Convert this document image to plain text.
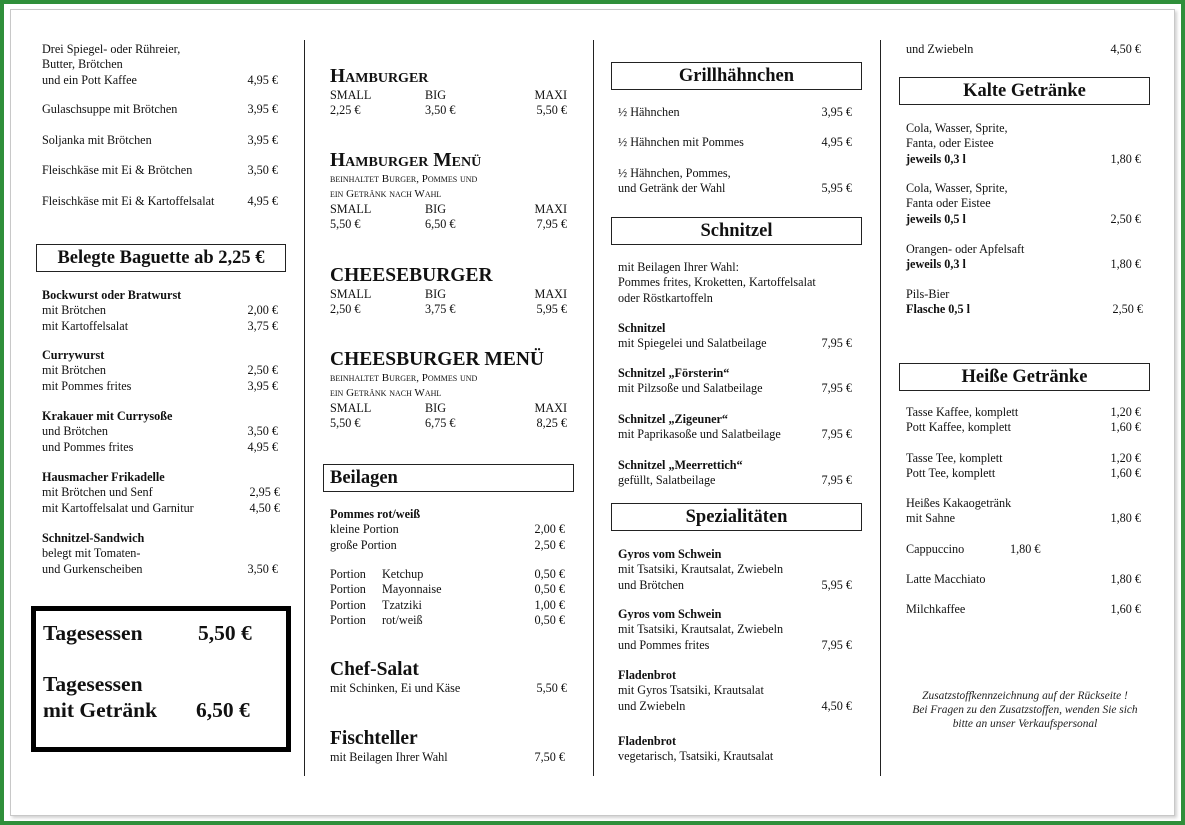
Drei Spiegel- oder Rühreier,
Butter, Brötchen
und ein Pott Kaffee	4,95 €
Gulaschsuppe mit Brötchen	3,95 €
Soljanka mit Brötchen	3,95 €
Fleischkäse mit Ei & Brötchen	3,50 €
Fleischkäse mit Ei & Kartoffelsalat	4,95 €
Belegte Baguette ab 2,25 €
Bockwurst oder Bratwurst
mit Brötchen	2,00 €
mit Kartoffelsalat	3,75 €
Currywurst
mit Brötchen	2,50 €
mit Pommes frites	3,95 €
Krakauer mit Currysoße
und Brötchen	3,50 €
und Pommes frites	4,95 €
Hausmacher Frikadelle
mit Brötchen und Senf	2,95 €
mit Kartoffelsalat und Garnitur	4,50 €
Schnitzel-Sandwich
belegt mit Tomaten-
und Gurkenscheiben	3,50 €
Tagesessen	5,50 €
Tagesessen
mit Getränk 6,50 €
Hamburger
SMALL	BIG	MAXI
2,25 €	3,50 €	5,50 €
Hamburger Menü
beinhaltet Burger, Pommes und
ein Getränk nach Wahl
SMALL	BIG	MAXI
5,50 €	6,50 €	7,95 €
CHEESEBURGER
SMALL	BIG	MAXI
2,50 €	3,75 €	5,95 €
CHEESBURGER MENÜ
beinhaltet Burger, Pommes und
ein Getränk nach Wahl
SMALL	BIG	MAXI
5,50 €	6,75 €	8,25 €
Beilagen
Pommes rot/weiß
kleine Portion	2,00 €
große Portion	2,50 €
Portion Ketchup	0,50 €
Portion Mayonnaise	0,50 €
Portion Tzatziki	1,00 €
Portion rot/weiß	0,50 €
Chef-Salat
mit Schinken, Ei und Käse	5,50 €
Fischteller
mit Beilagen Ihrer Wahl	7,50 €
Grillhähnchen
½ Hähnchen	3,95 €
½ Hähnchen mit Pommes	4,95 €
½ Hähnchen, Pommes,
und Getränk der Wahl	5,95 €
Schnitzel
mit Beilagen Ihrer Wahl:
Pommes frites, Kroketten, Kartoffelsalat
oder Röstkartoffeln
Schnitzel
mit Spiegelei und Salatbeilage	7,95 €
Schnitzel „Försterin“
mit Pilzsoße und Salatbeilage	7,95 €
Schnitzel „Zigeuner“
mit Paprikasoße und Salatbeilage	7,95 €
Schnitzel „Meerrettich“
gefüllt, Salatbeilage	7,95 €
Spezialitäten
Gyros vom Schwein
mit Tsatsiki, Krautsalat, Zwiebeln
und Brötchen	5,95 €
Gyros vom Schwein
mit Tsatsiki, Krautsalat, Zwiebeln
und Pommes frites	7,95 €
Fladenbrot
mit Gyros Tsatsiki, Krautsalat
und Zwiebeln	4,50 €
Fladenbrot
vegetarisch, Tsatsiki, Krautsalat
und Zwiebeln	4,50 €
Kalte Getränke
Cola, Wasser, Sprite,
Fanta, oder Eistee
jeweils 0,3 l	1,80 €
Cola, Wasser, Sprite,
Fanta oder Eistee
jeweils 0,5 l	2,50 €
Orangen- oder Apfelsaft
jeweils 0,3 l	1,80 €
Pils-Bier
Flasche 0,5 l	2,50 €
Heiße Getränke
Tasse Kaffee, komplett	1,20 €
Pott Kaffee, komplett	1,60 €
Tasse Tee, komplett	1,20 €
Pott Tee, komplett	1,60 €
Heißes Kakaogetränk
mit Sahne	1,80 €
Cappuccino	1,80 €
Latte Macchiato	1,80 €
Milchkaffee	1,60 €
Zusatzstoffkennzeichnung auf der Rückseite !
Bei Fragen zu den Zusatzstoffen, wenden Sie sich
bitte an unser Verkaufspersonal
